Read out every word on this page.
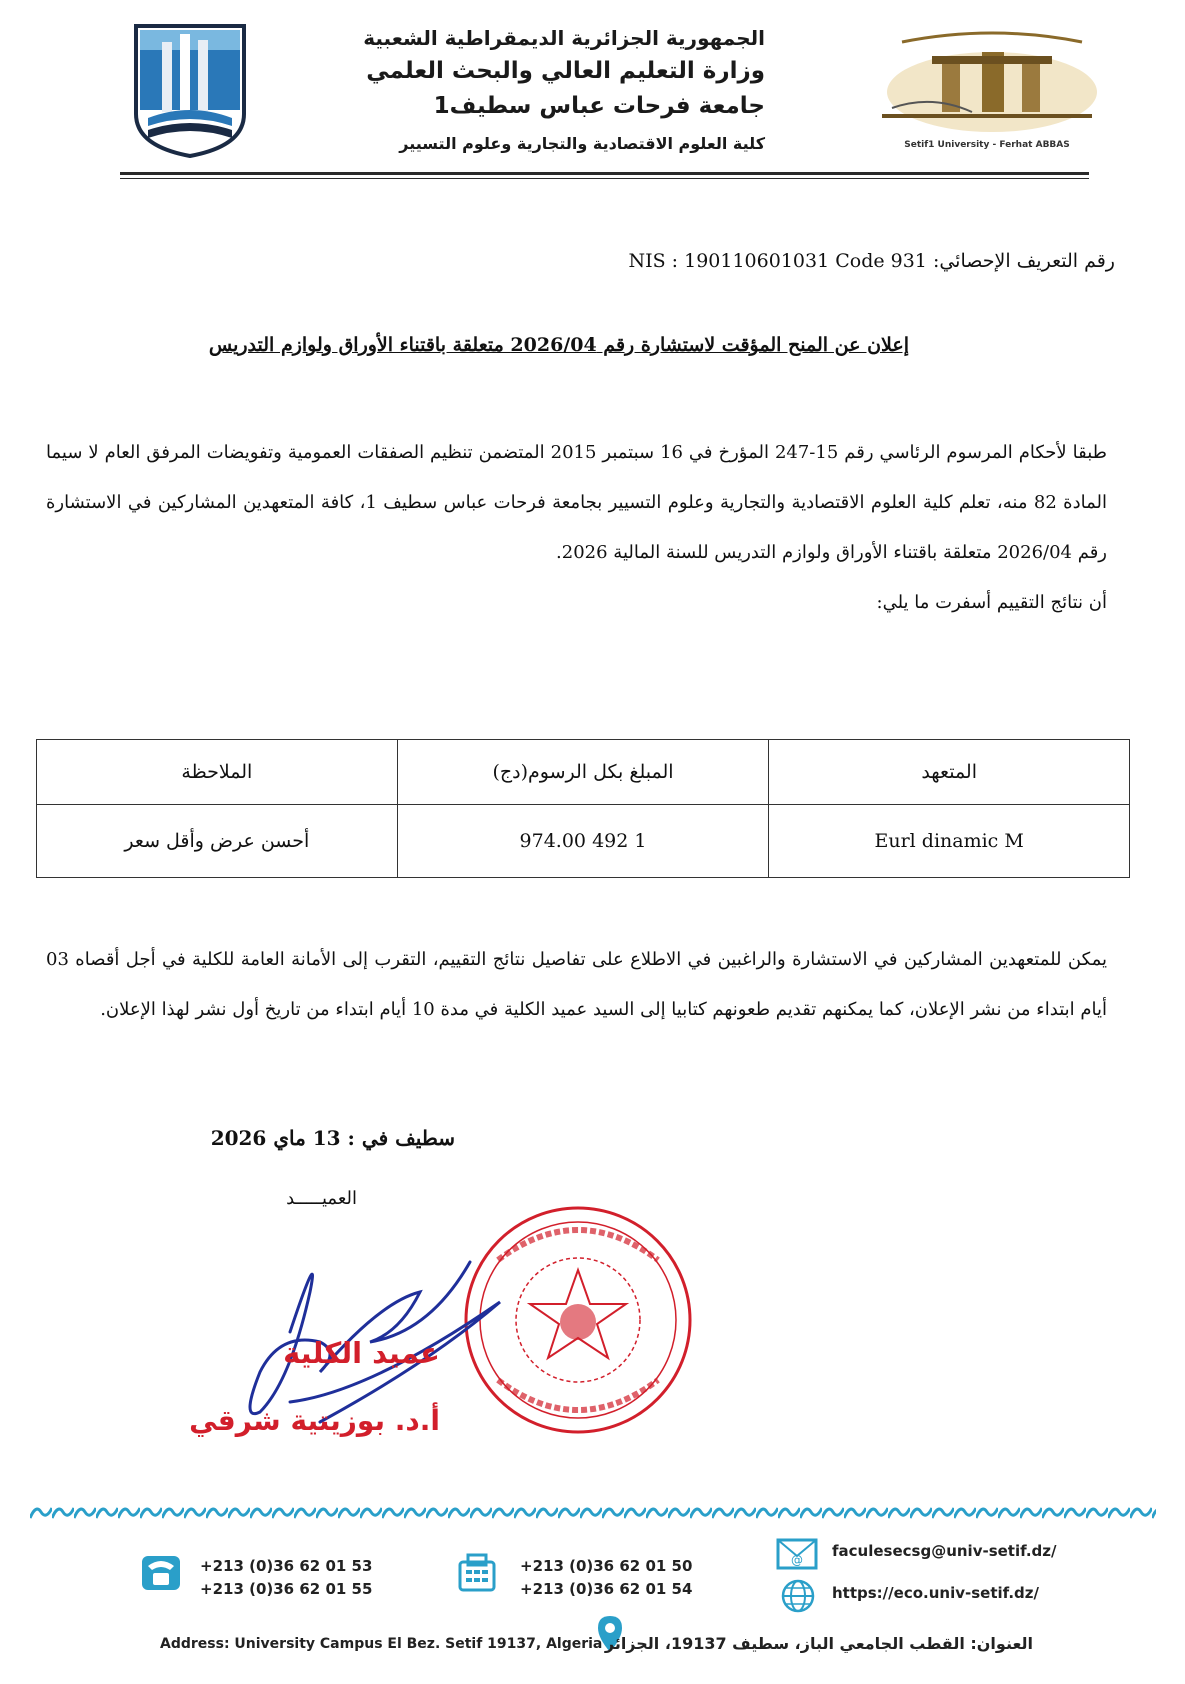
الجمهورية الجزائرية الديمقراطية الشعبية
وزارة التعليم العالي والبحث العلمي
جامعة فرحات عباس سطيف1
كلية العلوم الاقتصادية والتجارية وعلوم التسيير	Setif1 University - Ferhat ABBAS
رقم التعريف الإحصائي: NIS : 190110601031 Code 931
إعلان عن المنح المؤقت لاستشارة رقم 2026/04 متعلقة باقتناء الأوراق ولوازم التدريس
طبقا لأحكام المرسوم الرئاسي رقم 15-247 المؤرخ في 16 سبتمبر 2015 المتضمن تنظيم الصفقات العمومية وتفويضات المرفق العام لا سيما المادة 82 منه، تعلم كلية العلوم الاقتصادية والتجارية وعلوم التسيير بجامعة فرحات عباس سطيف 1، كافة المتعهدين المشاركين في الاستشارة رقم 2026/04 متعلقة باقتناء الأوراق ولوازم التدريس للسنة المالية 2026.
أن نتائج التقييم أسفرت ما يلي:
المتعهد	المبلغ بكل الرسوم(دج)	الملاحظة
Eurl dinamic M	1 492 974.00	أحسن عرض وأقل سعر
يمكن للمتعهدين المشاركين في الاستشارة والراغبين في الاطلاع على تفاصيل نتائج التقييم، التقرب إلى الأمانة العامة للكلية في أجل أقصاه 03 أيام ابتداء من نشر الإعلان، كما يمكنهم تقديم طعونهم كتابيا إلى السيد عميد الكلية في مدة 10 أيام ابتداء من تاريخ أول نشر لهذا الإعلان.
سطيف في : 13 ماي 2026
العميـــــد
عميد الكلية
أ.د. بوزيتية شرقي
+213 (0)36 62 01 53
+213 (0)36 62 01 55
+213 (0)36 62 01 50
+213 (0)36 62 01 54
@ faculesecsg@univ-setif.dz/
https://eco.univ-setif.dz/
Address: University Campus El Bez. Setif 19137, Algeria العنوان: القطب الجامعي الباز، سطيف 19137، الجزائر
